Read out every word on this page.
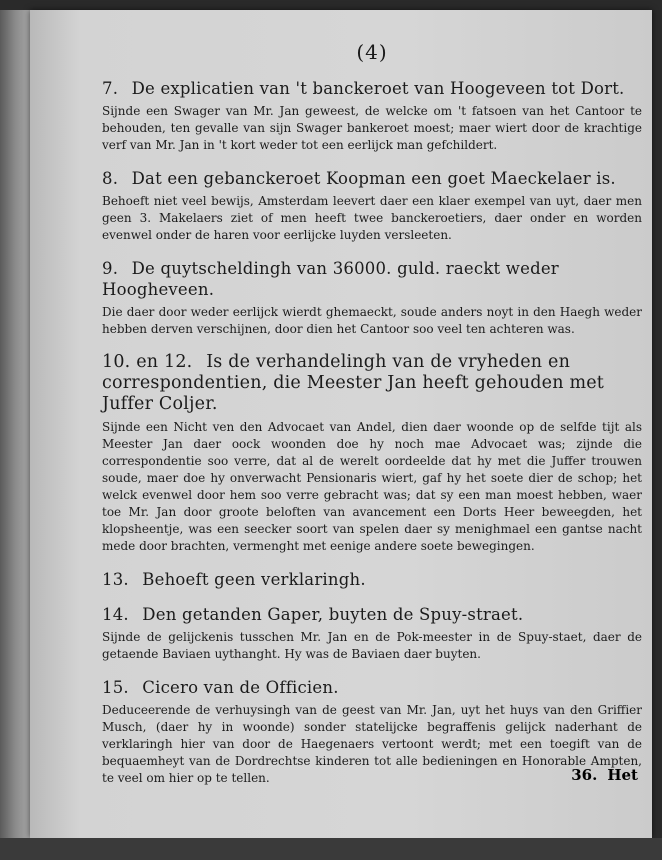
(4)
7. De explicatien van 't banckeroet van Hoogeveen tot Dort.
Sijnde een Swager van Mr. Jan geweest, de welcke om 't fatsoen van het Cantoor te behouden, ten gevalle van sijn Swager bankeroet moest; maer wiert door de krachtige verf van Mr. Jan in 't kort weder tot een eerlijck man gefchildert.
8. Dat een gebanckeroet Koopman een goet Maeckelaer is.
Behoeft niet veel bewijs, Amsterdam leevert daer een klaer exempel van uyt, daer men geen 3. Makelaers ziet of men heeft twee banckeroetiers, daer onder en worden evenwel onder de haren voor eerlijcke luyden versleeten.
9. De quytscheldingh van 36000. guld. raeckt weder Hoogheveen.
Die daer door weder eerlijck wierdt ghemaeckt, soude anders noyt in den Haegh weder hebben derven verschijnen, door dien het Cantoor soo veel ten achteren was.
10. en 12. Is de verhandelingh van de vryheden en correspondentien, die Meester Jan heeft gehouden met Juffer Coljer.
Sijnde een Nicht ven den Advocaet van Andel, dien daer woonde op de selfde tijt als Meester Jan daer oock woonden doe hy noch mae Advocaet was; zijnde die correspondentie soo verre, dat al de werelt oordeelde dat hy met die Juffer trouwen soude, maer doe hy onverwacht Pensionaris wiert, gaf hy het soete dier de schop; het welck evenwel door hem soo verre gebracht was; dat sy een man moest hebben, waer toe Mr. Jan door groote beloften van avancement een Dorts Heer beweegden, het klopsheentje, was een seecker soort van spelen daer sy menighmael een gantse nacht mede door brachten, vermenght met eenige andere soete bewegingen.
13. Behoeft geen verklaringh.
14. Den getanden Gaper, buyten de Spuy-straet.
Sijnde de gelijckenis tusschen Mr. Jan en de Pok-meester in de Spuy-staet, daer de getaende Baviaen uythanght. Hy was de Baviaen daer buyten.
15. Cicero van de Officien.
Deduceerende de verhuysingh van de geest van Mr. Jan, uyt het huys van den Griffier Musch, (daer hy in woonde) sonder statelijcke begraffenis gelijck naderhant de verklaringh hier van door de Haegenaers vertoont werdt; met een toegift van de bequaemheyt van de Dordrechtse kinderen tot alle bedieningen en Honorable Ampten, te veel om hier op te tellen.	36. Het
